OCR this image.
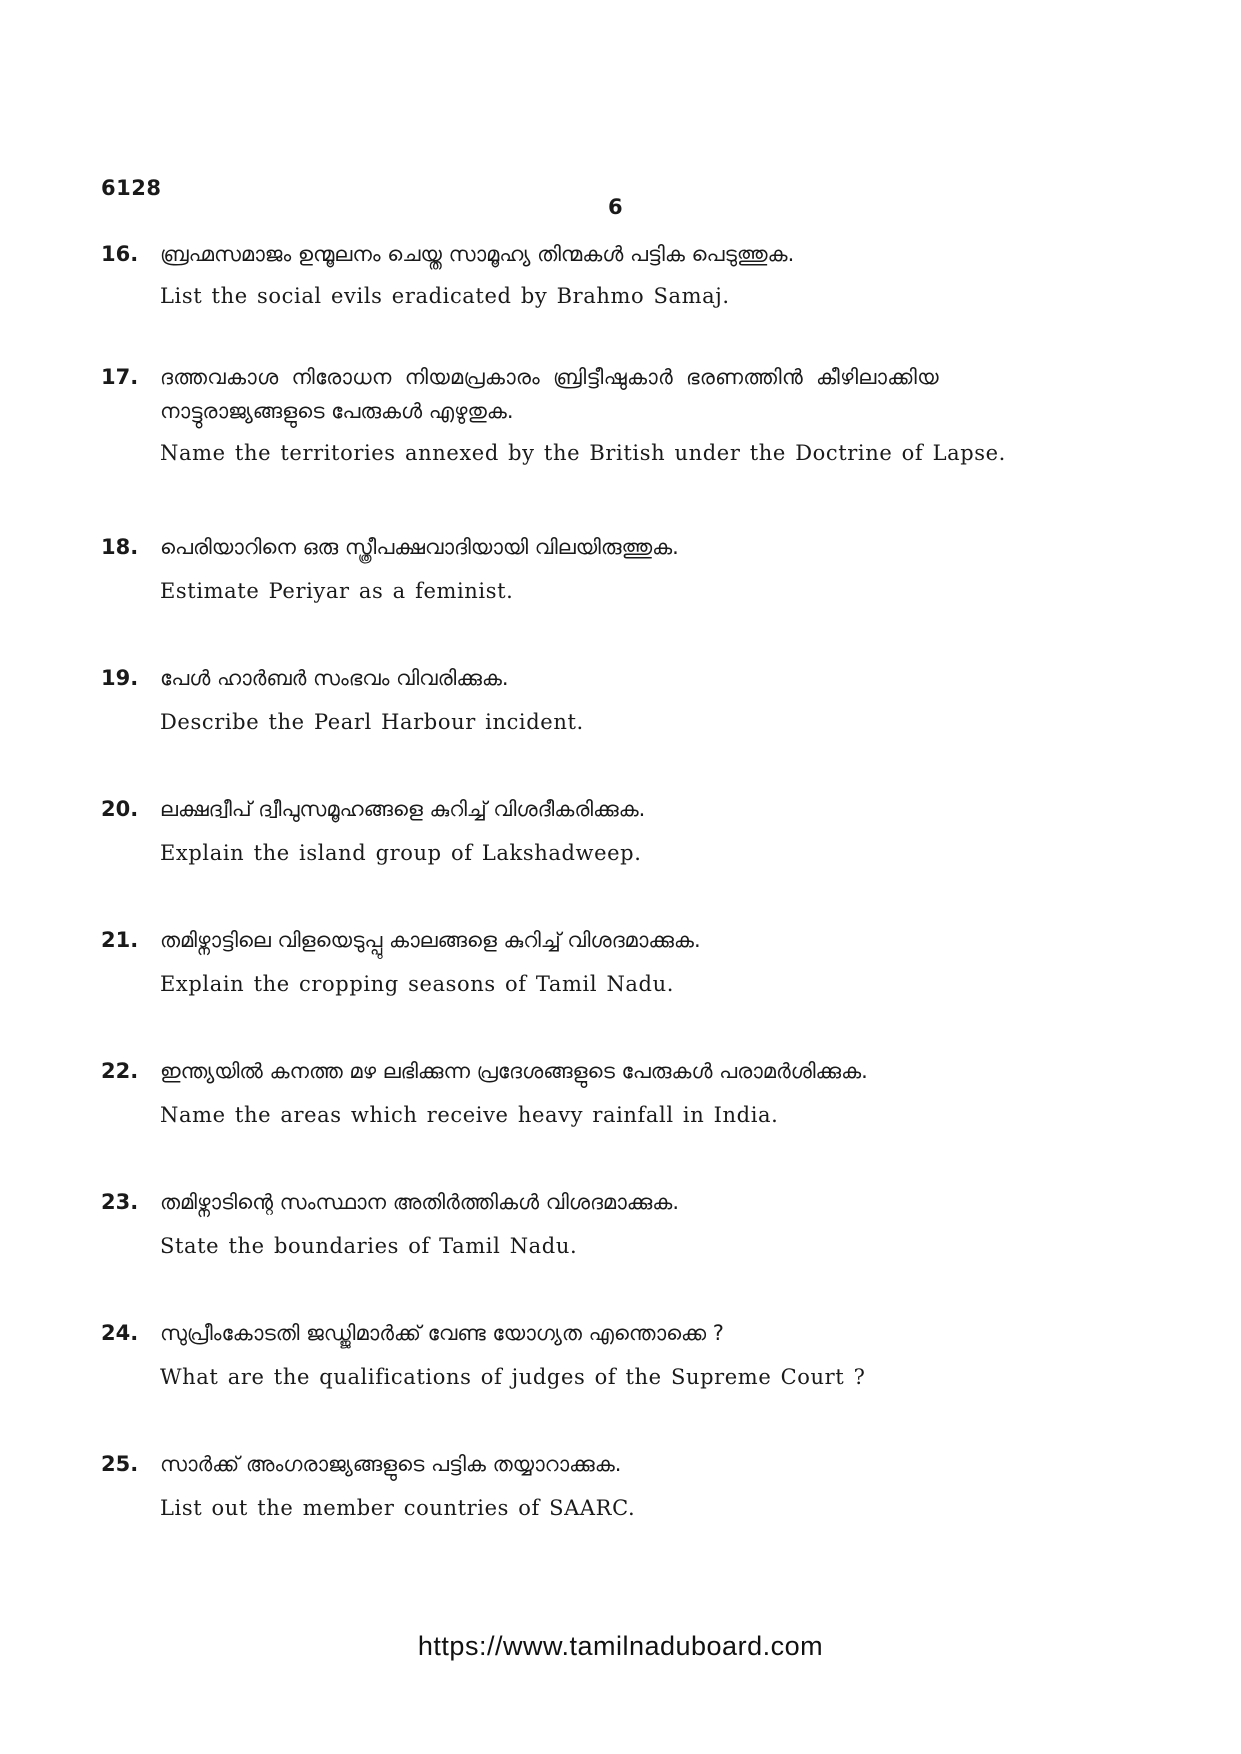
6128
6
16. ബ്രഹ്മസമാജം ഉന്മൂലനം ചെയ്ത സാമൂഹ്യ തിന്മകൾ പട്ടിക പെടുത്തുക.

List the social evils eradicated by Brahmo Samaj.

17. ദത്തവകാശ നിരോധന നിയമപ്രകാരം ബ്രിട്ടീഷുകാർ ഭരണത്തിൻ കീഴിലാക്കിയ

നാട്ടുരാജ്യങ്ങളുടെ പേരുകൾ എഴുതുക.

Name the territories annexed by the British under the Doctrine of Lapse.

18. പെരിയാറിനെ ഒരു സ്ത്രീപക്ഷവാദിയായി വിലയിരുത്തുക.

Estimate Periyar as a feminist.

19. പേൾ ഹാർബർ സംഭവം വിവരിക്കുക.

Describe the Pearl Harbour incident.

20. ലക്ഷദ്വീപ് ദ്വീപുസമൂഹങ്ങളെ കുറിച്ച് വിശദീകരിക്കുക.

Explain the island group of Lakshadweep.

21. തമിഴ്നാട്ടിലെ വിളയെടുപ്പു കാലങ്ങളെ കുറിച്ച് വിശദമാക്കുക.

Explain the cropping seasons of Tamil Nadu.

22. ഇന്ത്യയിൽ കനത്ത മഴ ലഭിക്കുന്ന പ്രദേശങ്ങളുടെ പേരുകൾ പരാമർശിക്കുക.

Name the areas which receive heavy rainfall in India.

23. തമിഴ്നാടിന്റെ സംസ്ഥാന അതിർത്തികൾ വിശദമാക്കുക.

State the boundaries of Tamil Nadu.

24. സുപ്രീംകോടതി ജഡ്ജിമാർക്ക് വേണ്ട യോഗ്യത എന്തൊക്കെ ?

What are the qualifications of judges of the Supreme Court ?

25. സാർക്ക് അംഗരാജ്യങ്ങളുടെ പട്ടിക തയ്യാറാക്കുക.

List out the member countries of SAARC.

https://www.tamilnaduboard.com
